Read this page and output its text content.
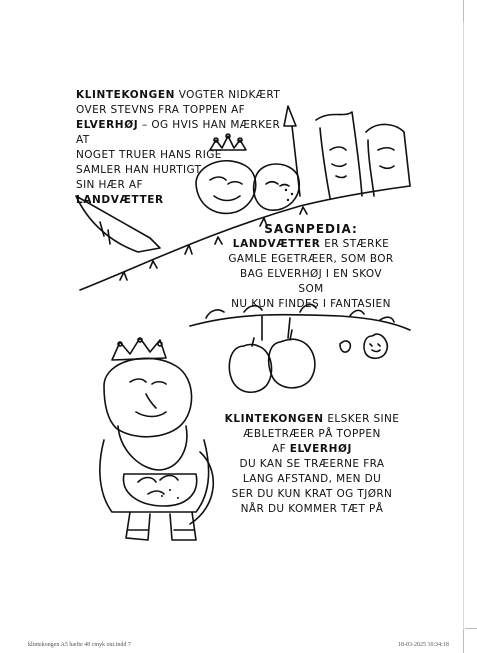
KLINTEKONGEN VOGTER NIDKÆRT
OVER STEVNS FRA TOPPEN AF
ELVERHØJ – OG HVIS HAN MÆRKER AT
NOGET TRUER HANS RIGE
SAMLER HAN HURTIGT
SIN HÆR AF
LANDVÆTTER
SAGNPEDIA:
LANDVÆTTER ER STÆRKE
GAMLE EGETRÆER, SOM BOR
BAG ELVERHØJ I EN SKOV SOM
NU KUN FINDES I FANTASIEN
KLINTEKONGEN ELSKER SINE
ÆBLETRÆER PÅ TOPPEN
AF ELVERHØJ
DU KAN SE TRÆERNE FRA
LANG AFSTAND, MEN DU
SER DU KUN KRAT OG TJØRN
NÅR DU KOMMER TÆT PÅ
klintekongen A5 hæfte 48 cmyk out.indd 7	18-03-2025 10:34:18
